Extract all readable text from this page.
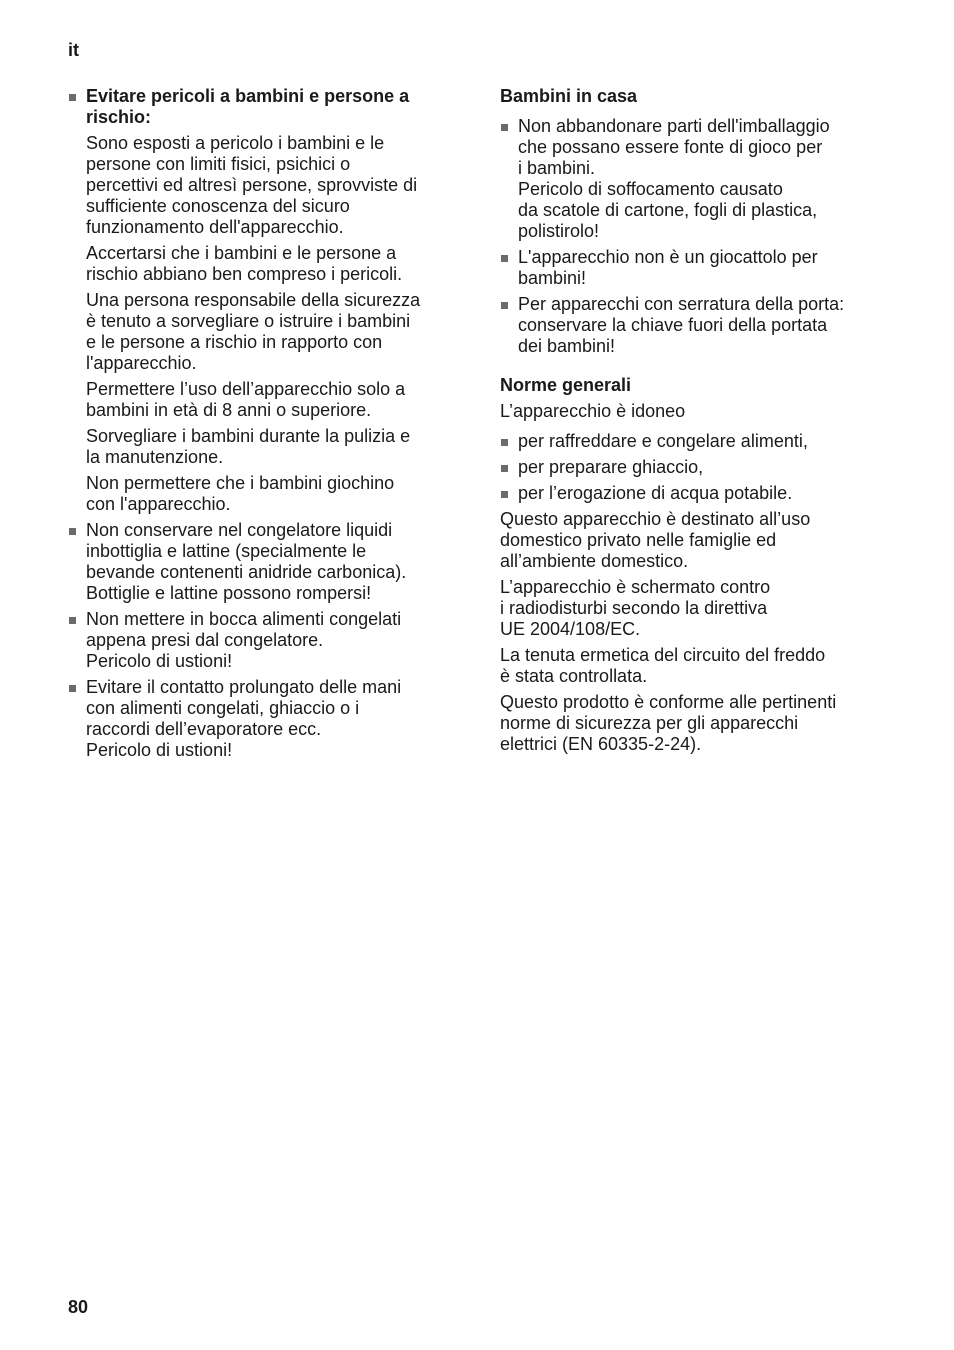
it
Evitare pericoli a bambini e persone a
rischio:
Sono esposti a pericolo i bambini e le
persone con limiti fisici, psichici o
percettivi ed altresì persone, sprovviste di
sufficiente conoscenza del sicuro
funzionamento dell'apparecchio.
Accertarsi che i bambini e le persone a
rischio abbiano ben compreso i pericoli.
Una persona responsabile della sicurezza
è tenuto a sorvegliare o istruire i bambini
e le persone a rischio in rapporto con
l'apparecchio.
Permettere l’uso dell’apparecchio solo a
bambini in età di 8 anni o superiore.
Sorvegliare i bambini durante la pulizia e
la manutenzione.
Non permettere che i bambini giochino
con l'apparecchio.
Non conservare nel congelatore liquidi
inbottiglia e lattine (specialmente le
bevande contenenti anidride carbonica).
Bottiglie e lattine possono rompersi!
Non mettere in bocca alimenti congelati
appena presi dal congelatore.
Pericolo di ustioni!
Evitare il contatto prolungato delle mani
con alimenti congelati, ghiaccio o i
raccordi dell’evaporatore ecc.
Pericolo di ustioni!
Bambini in casa
Non abbandonare parti dell'imballaggio
che possano essere fonte di gioco per
i bambini.
Pericolo di soffocamento causato
da scatole di cartone, fogli di plastica,
polistirolo!
L'apparecchio non è un giocattolo per
bambini!
Per apparecchi con serratura della porta:
conservare la chiave fuori della portata
dei bambini!
Norme generali
L’apparecchio è idoneo
per raffreddare e congelare alimenti,
per preparare ghiaccio,
per l’erogazione di acqua potabile.
Questo apparecchio è destinato all’uso
domestico privato nelle famiglie ed
all’ambiente domestico.
L’apparecchio è schermato contro
i radiodisturbi secondo la direttiva
UE 2004/108/EC.
La tenuta ermetica del circuito del freddo
è stata controllata.
Questo prodotto è conforme alle pertinenti
norme di sicurezza per gli apparecchi
elettrici (EN 60335-2-24).
80
